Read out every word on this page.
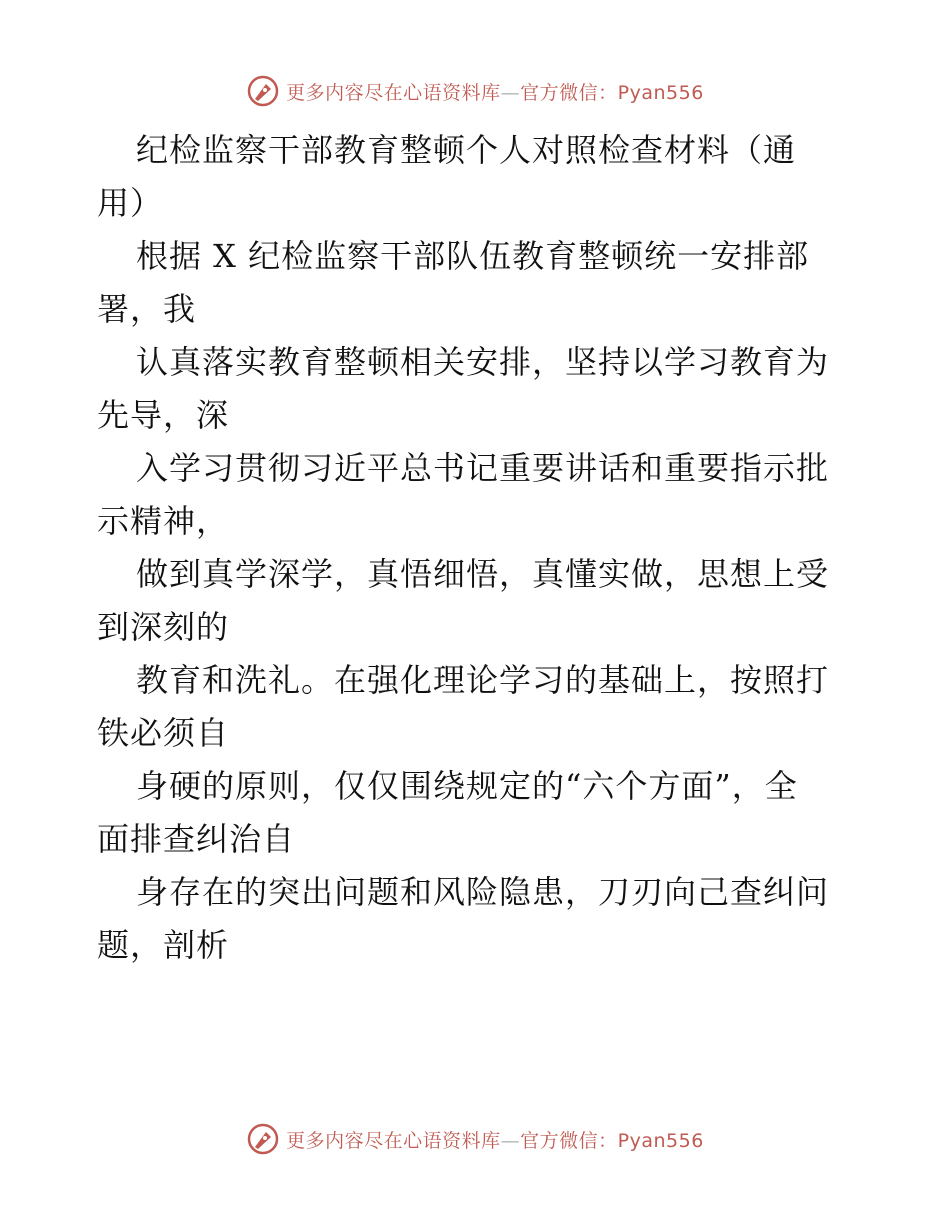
更多内容尽在心语资料库—官方微信：Pyan556
纪检监察干部教育整顿个人对照检查材料（通
用）
根据 X 纪检监察干部队伍教育整顿统一安排部
署，我
认真落实教育整顿相关安排，坚持以学习教育为
先导，深
入学习贯彻习近平总书记重要讲话和重要指示批
示精神，
做到真学深学，真悟细悟，真懂实做，思想上受
到深刻的
教育和洗礼。在强化理论学习的基础上，按照打
铁必须自
身硬的原则，仅仅围绕规定的“六个方面”，全
面排查纠治自
身存在的突出问题和风险隐患，刀刃向己查纠问
题，剖析
更多内容尽在心语资料库—官方微信：Pyan556
